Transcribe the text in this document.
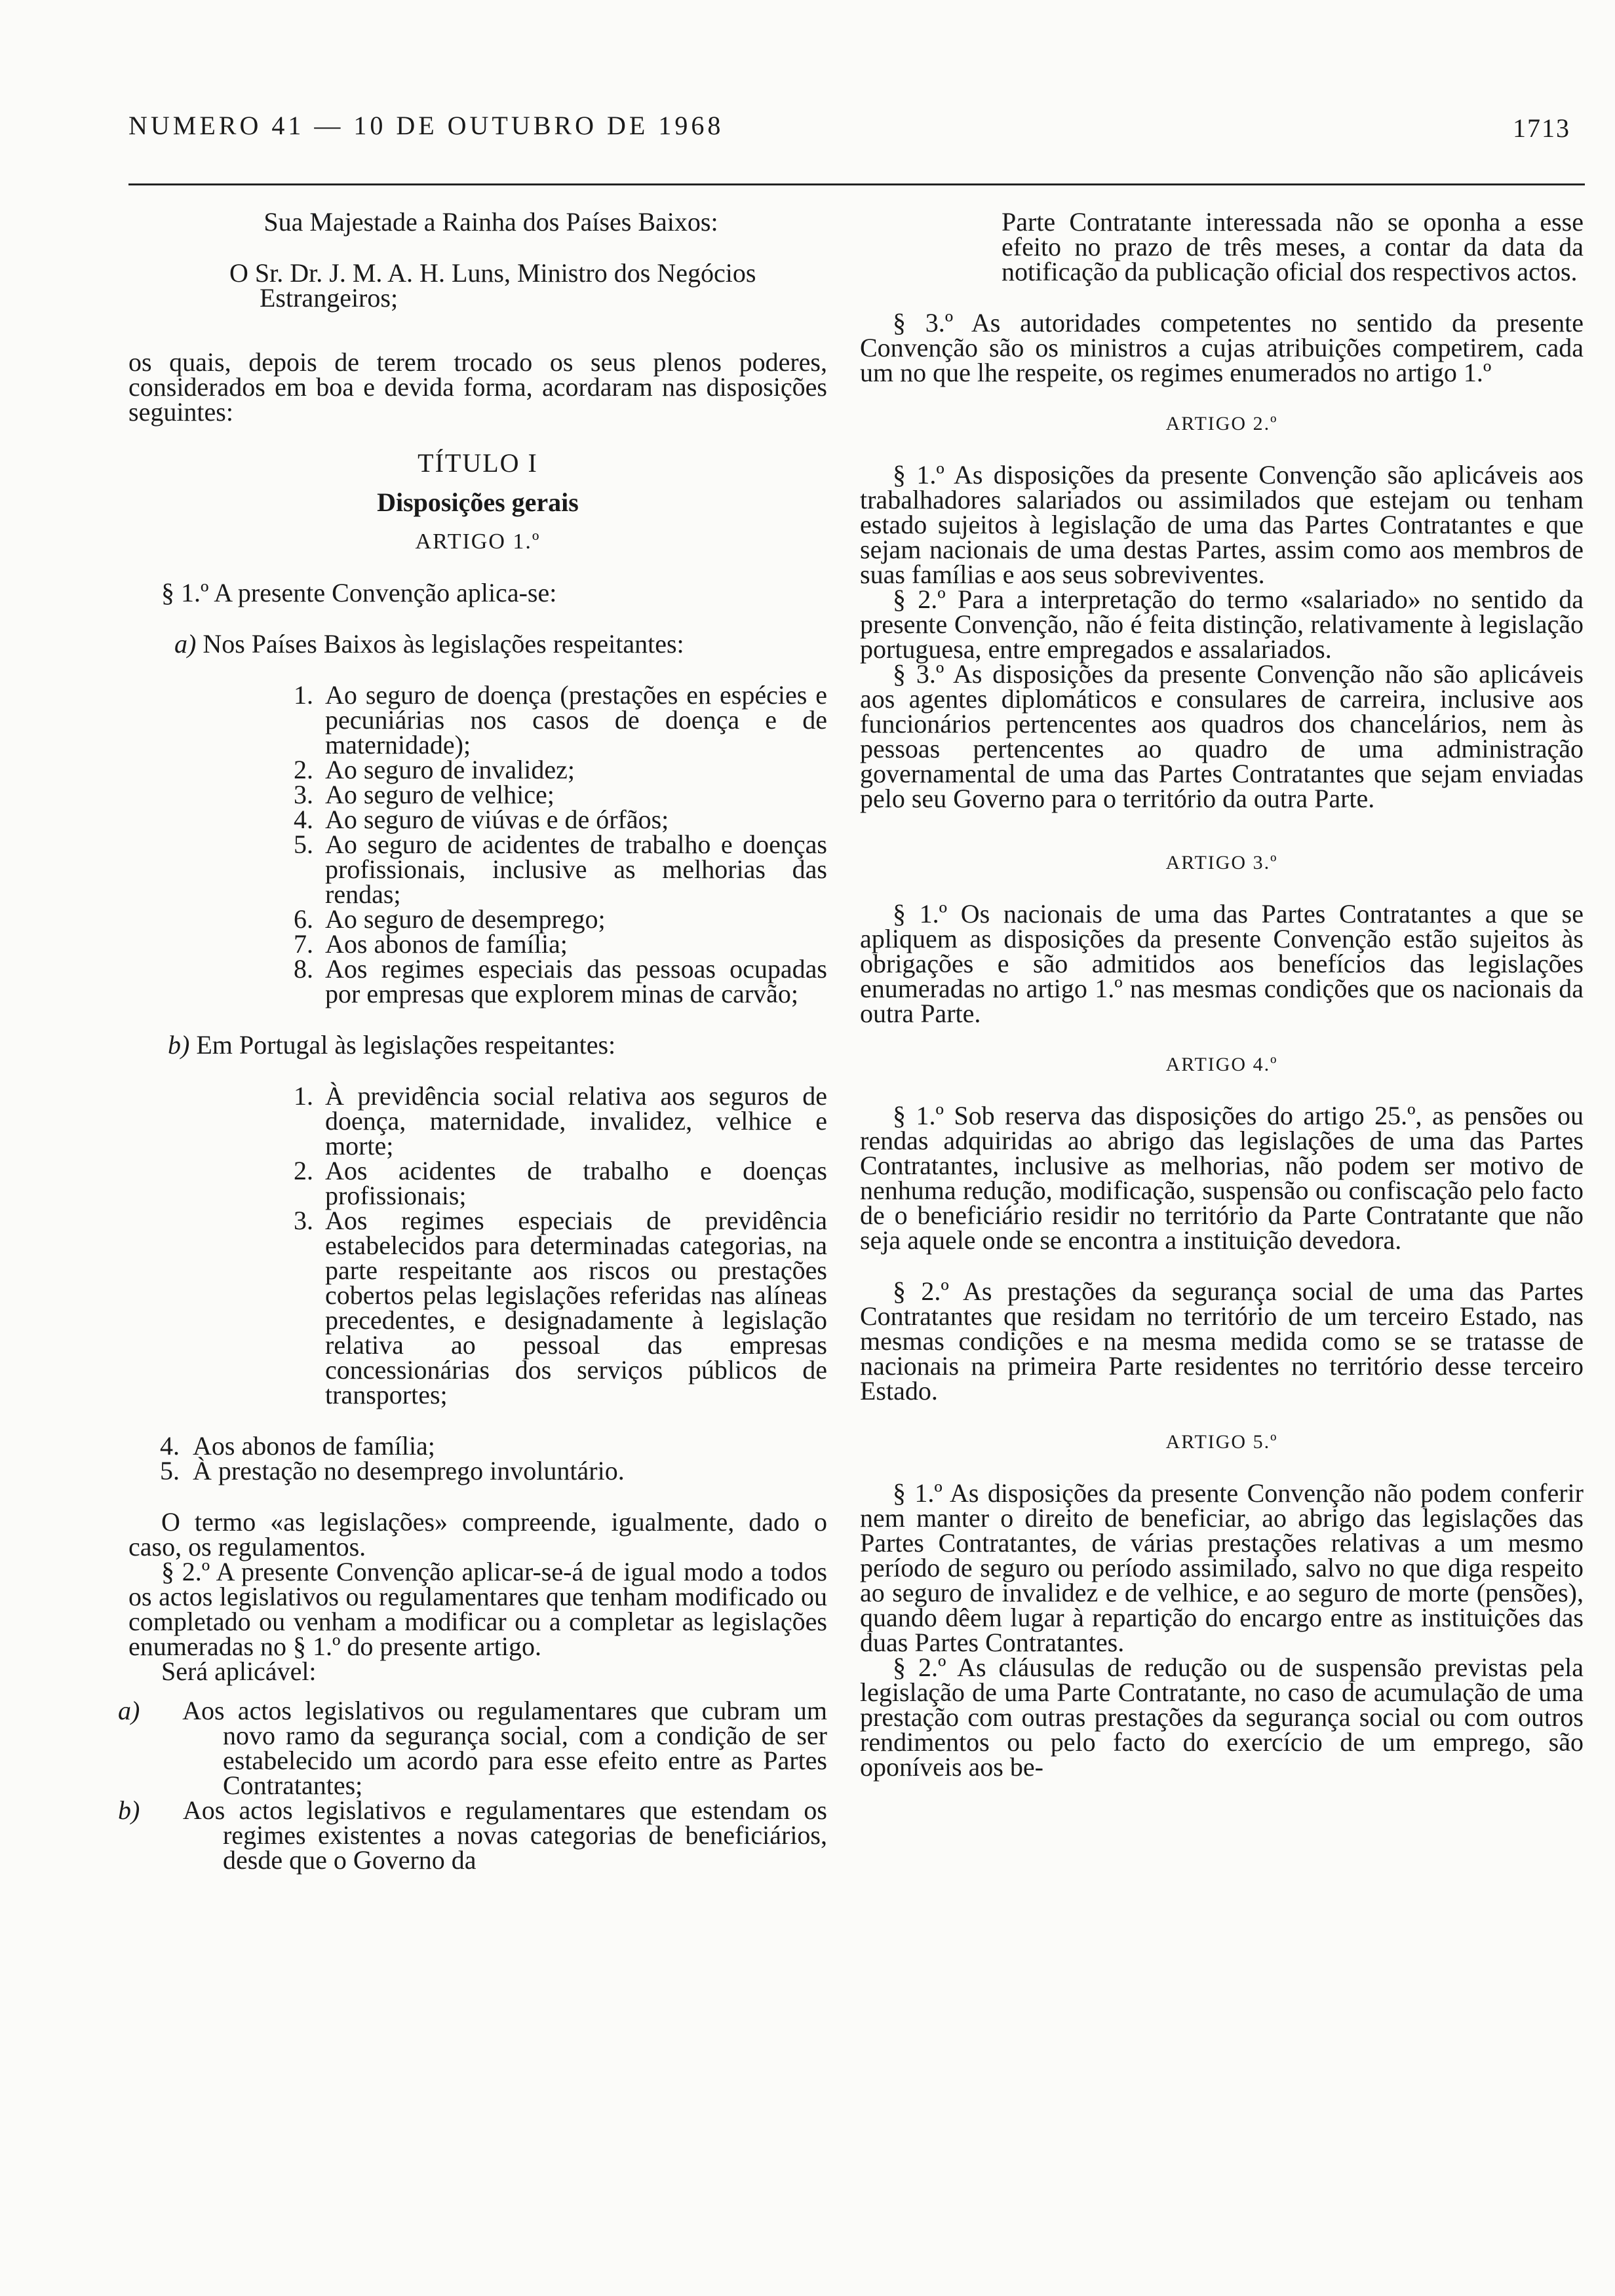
NUMERO 41 — 10 DE OUTUBRO DE 1968	1713

Sua Majestade a Rainha dos Países Baixos:

O Sr. Dr. J. M. A. H. Luns, Ministro dos Negócios Estrangeiros;

os quais, depois de terem trocado os seus plenos poderes, considerados em boa e devida forma, acordaram nas disposições seguintes:

TÍTULO I

Disposições gerais

ARTIGO 1.º

§ 1.º A presente Convenção aplica-se:

a) Nos Países Baixos às legislações respeitantes:

1. Ao seguro de doença (prestações en espécies e pecuniárias nos casos de doença e de maternidade);
2. Ao seguro de invalidez;
3. Ao seguro de velhice;
4. Ao seguro de viúvas e de órfãos;
5. Ao seguro de acidentes de trabalho e doenças profissionais, inclusive as melhorias das rendas;
6. Ao seguro de desemprego;
7. Aos abonos de família;
8. Aos regimes especiais das pessoas ocupadas por empresas que explorem minas de carvão;

b) Em Portugal às legislações respeitantes:

1. À previdência social relativa aos seguros de doença, maternidade, invalidez, velhice e morte;
2. Aos acidentes de trabalho e doenças profissionais;
3. Aos regimes especiais de previdência estabelecidos para determinadas categorias, na parte respeitante aos riscos ou prestações cobertos pelas legislações referidas nas alíneas precedentes, e designadamente à legislação relativa ao pessoal das empresas concessionárias dos serviços públicos de transportes;
4. Aos abonos de família;
5. À prestação no desemprego involuntário.

O termo «as legislações» compreende, igualmente, dado o caso, os regulamentos.

§ 2.º A presente Convenção aplicar-se-á de igual modo a todos os actos legislativos ou regulamentares que tenham modificado ou completado ou venham a modificar ou a completar as legislações enumeradas no § 1.º do presente artigo.

Será aplicável:

a) Aos actos legislativos ou regulamentares que cubram um novo ramo da segurança social, com a condição de ser estabelecido um acordo para esse efeito entre as Partes Contratantes;

b) Aos actos legislativos e regulamentares que estendam os regimes existentes a novas categorias de beneficiários, desde que o Governo da

Parte Contratante interessada não se oponha a esse efeito no prazo de três meses, a contar da data da notificação da publicação oficial dos respectivos actos.

§ 3.º As autoridades competentes no sentido da presente Convenção são os ministros a cujas atribuições competirem, cada um no que lhe respeite, os regimes enumerados no artigo 1.º

ARTIGO 2.º

§ 1.º As disposições da presente Convenção são aplicáveis aos trabalhadores salariados ou assimilados que estejam ou tenham estado sujeitos à legislação de uma das Partes Contratantes e que sejam nacionais de uma destas Partes, assim como aos membros de suas famílias e aos seus sobreviventes.

§ 2.º Para a interpretação do termo «salariado» no sentido da presente Convenção, não é feita distinção, relativamente à legislação portuguesa, entre empregados e assalariados.

§ 3.º As disposições da presente Convenção não são aplicáveis aos agentes diplomáticos e consulares de carreira, inclusive aos funcionários pertencentes aos quadros dos chancelários, nem às pessoas pertencentes ao quadro de uma administração governamental de uma das Partes Contratantes que sejam enviadas pelo seu Governo para o território da outra Parte.

ARTIGO 3.º

§ 1.º Os nacionais de uma das Partes Contratantes a que se apliquem as disposições da presente Convenção estão sujeitos às obrigações e são admitidos aos benefícios das legislações enumeradas no artigo 1.º nas mesmas condições que os nacionais da outra Parte.

ARTIGO 4.º

§ 1.º Sob reserva das disposições do artigo 25.º, as pensões ou rendas adquiridas ao abrigo das legislações de uma das Partes Contratantes, inclusive as melhorias, não podem ser motivo de nenhuma redução, modificação, suspensão ou confiscação pelo facto de o beneficiário residir no território da Parte Contratante que não seja aquele onde se encontra a instituição devedora.

§ 2.º As prestações da segurança social de uma das Partes Contratantes que residam no território de um terceiro Estado, nas mesmas condições e na mesma medida como se se tratasse de nacionais na primeira Parte residentes no território desse terceiro Estado.

ARTIGO 5.º

§ 1.º As disposições da presente Convenção não podem conferir nem manter o direito de beneficiar, ao abrigo das legislações das Partes Contratantes, de várias prestações relativas a um mesmo período de seguro ou período assimilado, salvo no que diga respeito ao seguro de invalidez e de velhice, e ao seguro de morte (pensões), quando dêem lugar à repartição do encargo entre as instituições das duas Partes Contratantes.

§ 2.º As cláusulas de redução ou de suspensão previstas pela legislação de uma Parte Contratante, no caso de acumulação de uma prestação com outras prestações da segurança social ou com outros rendimentos ou pelo facto do exercício de um emprego, são oponíveis aos be-
